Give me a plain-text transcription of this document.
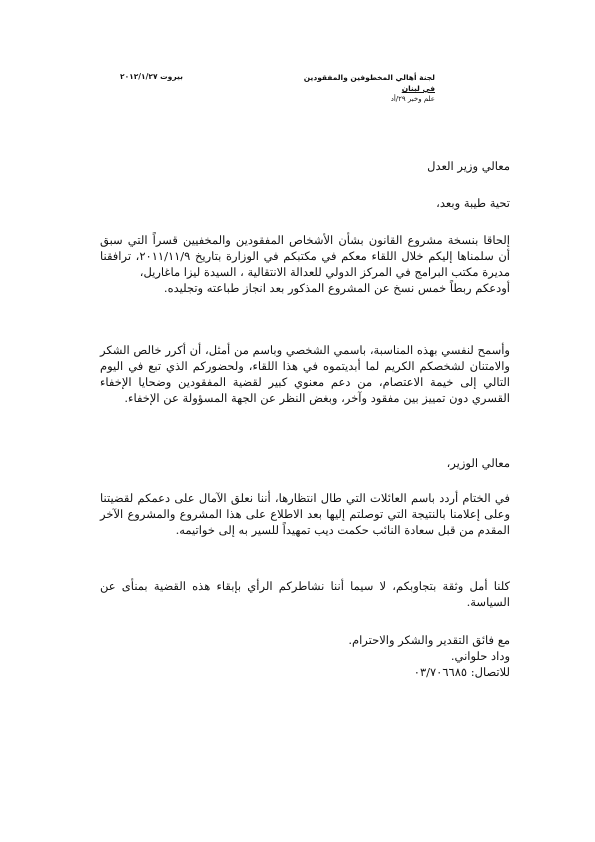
بيروت ٢٠١٢/١/٢٧	لجنة أهالي المخطوفين والمفقودين
في لبنان
علم وخبر ٢٩/أد

معالي وزير العدل

تحية طيبة وبعد،

إلحاقا بنسخة مشروع القانون بشأن الأشخاص المفقودين والمخفيين قسراً التي سبق أن سلمناها إليكم خلال اللقاء معكم في مكتبكم في الوزارة بتاريخ ٢٠١١/١١/٩، ترافقنا مديرة مكتب البرامج في المركز الدولي للعدالة الانتقالية ، السيدة ليزا ماغاريل،

أودعكم ربطاً خمس نسخ عن المشروع المذكور بعد انجاز طباعته وتجليده.

وأسمح لنفسي بهذه المناسبة، باسمي الشخصي وباسم من أمثل، أن أكرر خالص الشكر والامتنان لشخصكم الكريم لما أبديتموه في هذا اللقاء، ولحضوركم الذي تبع في اليوم التالي إلى خيمة الاعتصام، من دعم معنوي كبير لقضية المفقودين وضحايا الإخفاء القسري دون تمييز بين مفقود وآخر، وبغض النظر عن الجهة المسؤولة عن الإخفاء.

معالي الوزير،

في الختام أردد باسم العائلات التي طال انتظارها، أننا نعلق الآمال على دعمكم لقضيتنا وعلى إعلامنا بالنتيجة التي توصلتم إليها بعد الاطلاع على هذا المشروع والمشروع الآخر المقدم من قبل سعادة النائب حكمت ديب تمهيداً للسير به إلى خواتيمه.

كلنا أمل وثقة بتجاوبكم، لا سيما أننا نشاطركم الرأي بإبقاء هذه القضية بمنأى عن السياسة.

مع فائق التقدير والشكر والاحترام.

وداد حلواني.

للاتصال: ٠٣/٧٠٦٦٨٥
